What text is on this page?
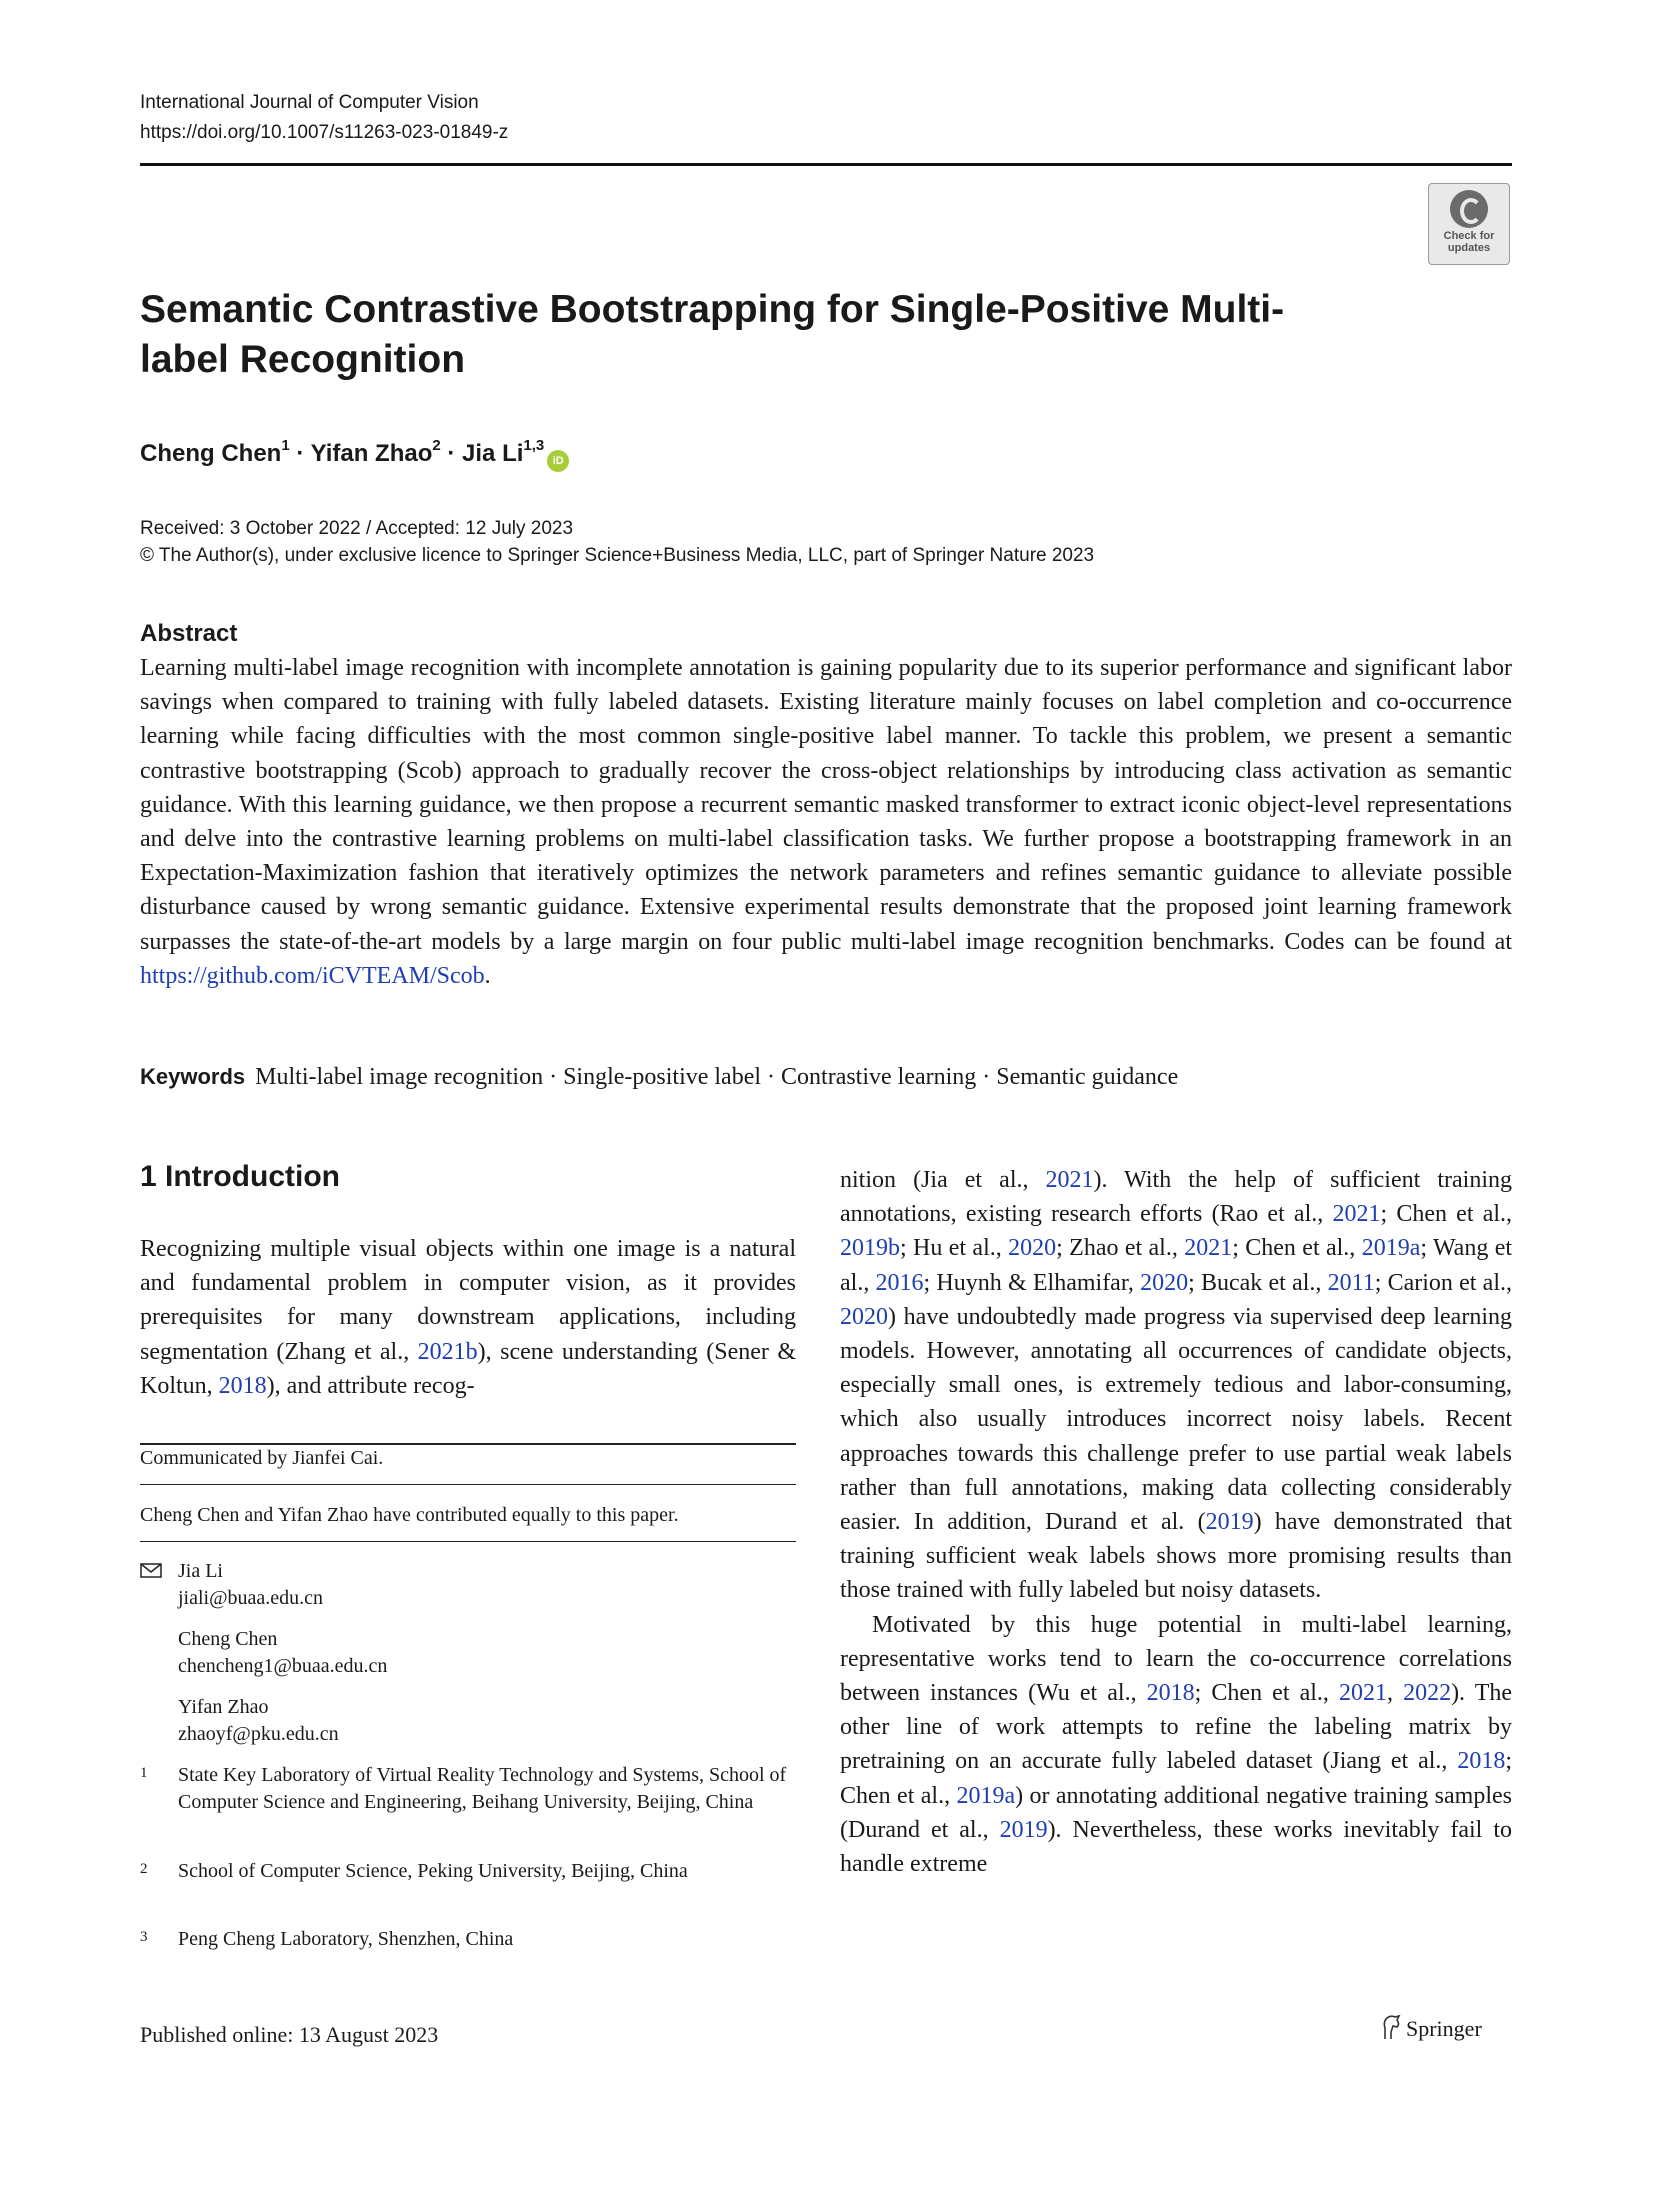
International Journal of Computer Vision
https://doi.org/10.1007/s11263-023-01849-z
Check for
updates
Semantic Contrastive Bootstrapping for Single-Positive Multi-label Recognition
Cheng Chen$^1$ · Yifan Zhao$^2$ · Jia Li$^{1,3}$iD
Received: 3 October 2022 / Accepted: 12 July 2023
© The Author(s), under exclusive licence to Springer Science+Business Media, LLC, part of Springer Nature 2023
Abstract

Learning multi-label image recognition with incomplete annotation is gaining popularity due to its superior performance and significant labor savings when compared to training with fully labeled datasets. Existing literature mainly focuses on label completion and co-occurrence learning while facing difficulties with the most common single-positive label manner. To tackle this problem, we present a semantic contrastive bootstrapping (Scob) approach to gradually recover the cross-object relationships by introducing class activation as semantic guidance. With this learning guidance, we then propose a recurrent semantic masked transformer to extract iconic object-level representations and delve into the contrastive learning problems on multi-label classification tasks. We further propose a bootstrapping framework in an Expectation-Maximization fashion that iteratively optimizes the network parameters and refines semantic guidance to alleviate possible disturbance caused by wrong semantic guidance. Extensive experimental results demonstrate that the proposed joint learning framework surpasses the state-of-the-art models by a large margin on four public multi-label image recognition benchmarks. Codes can be found at https://github.com/iCVTEAM/Scob.

Keywords Multi-label image recognition · Single-positive label · Contrastive learning · Semantic guidance
1 Introduction

Recognizing multiple visual objects within one image is a natural and fundamental problem in computer vision, as it provides prerequisites for many downstream applications, including segmentation (Zhang et al., 2021b), scene understanding (Sener & Koltun, 2018), and attribute recog-

Communicated by Jianfei Cai.
Cheng Chen and Yifan Zhao have contributed equally to this paper.
Jia Li
jiali@buaa.edu.cn
Cheng Chen
chencheng1@buaa.edu.cn
Yifan Zhao
zhaoyf@pku.edu.cn
1 State Key Laboratory of Virtual Reality Technology and Systems, School of Computer Science and Engineering, Beihang University, Beijing, China
2 School of Computer Science, Peking University, Beijing, China
3 Peng Cheng Laboratory, Shenzhen, China

nition (Jia et al., 2021). With the help of sufficient training annotations, existing research efforts (Rao et al., 2021; Chen et al., 2019b; Hu et al., 2020; Zhao et al., 2021; Chen et al., 2019a; Wang et al., 2016; Huynh & Elhamifar, 2020; Bucak et al., 2011; Carion et al., 2020) have undoubtedly made progress via supervised deep learning models. However, annotating all occurrences of candidate objects, especially small ones, is extremely tedious and labor-consuming, which also usually introduces incorrect noisy labels. Recent approaches towards this challenge prefer to use partial weak labels rather than full annotations, making data collecting considerably easier. In addition, Durand et al. (2019) have demonstrated that training sufficient weak labels shows more promising results than those trained with fully labeled but noisy datasets.

Motivated by this huge potential in multi-label learning, representative works tend to learn the co-occurrence correlations between instances (Wu et al., 2018; Chen et al., 2021, 2022). The other line of work attempts to refine the labeling matrix by pretraining on an accurate fully labeled dataset (Jiang et al., 2018; Chen et al., 2019a) or annotating additional negative training samples (Durand et al., 2019). Nevertheless, these works inevitably fail to handle extreme

Published online: 13 August 2023	Springer
